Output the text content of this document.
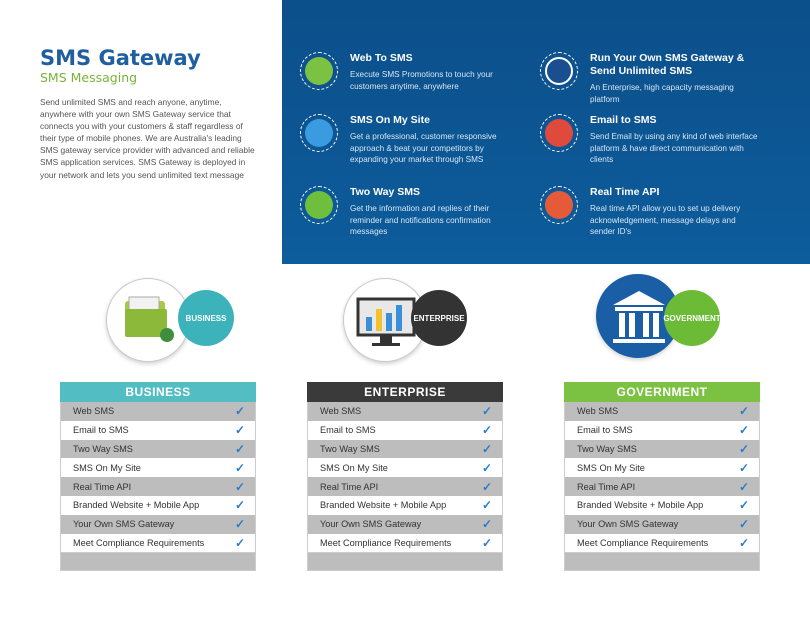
SMS Gateway
SMS Messaging

Send unlimited SMS and reach anyone, anytime, anywhere with your own SMS Gateway service that connects you with your customers & staff regardless of their type of mobile phones. We are Australia's leading SMS gateway service provider with advanced and reliable SMS application services. SMS Gateway is deployed in your network and lets you send unlimited text message

Web To SMS
Execute SMS Promotions to touch your customers anytime, anywhere
Run Your Own SMS Gateway & Send Unlimited SMS
An Enterprise, high capacity messaging platform
SMS On My Site
Get a professional, customer responsive approach & beat your competitors by expanding your market through SMS
Email to SMS
Send Email by using any kind of web interface platform & have direct communication with clients
Two Way SMS
Get the information and replies of their reminder and notifications confirmation messages
Real Time API
Real time API allow you to set up delivery acknowledgement, message delays and sender ID's
BUSINESS
BUSINESS
Web SMS	✓
Email to SMS	✓
Two Way SMS	✓
SMS On My Site	✓
Real Time API	✓
Branded Website + Mobile App	✓
Your Own SMS Gateway	✓
Meet Compliance Requirements	✓
ENTERPRISE
ENTERPRISE
Web SMS	✓
Email to SMS	✓
Two Way SMS	✓
SMS On My Site	✓
Real Time API	✓
Branded Website + Mobile App	✓
Your Own SMS Gateway	✓
Meet Compliance Requirements	✓
GOVERNMENT
GOVERNMENT
Web SMS	✓
Email to SMS	✓
Two Way SMS	✓
SMS On My Site	✓
Real Time API	✓
Branded Website + Mobile App	✓
Your Own SMS Gateway	✓
Meet Compliance Requirements	✓
